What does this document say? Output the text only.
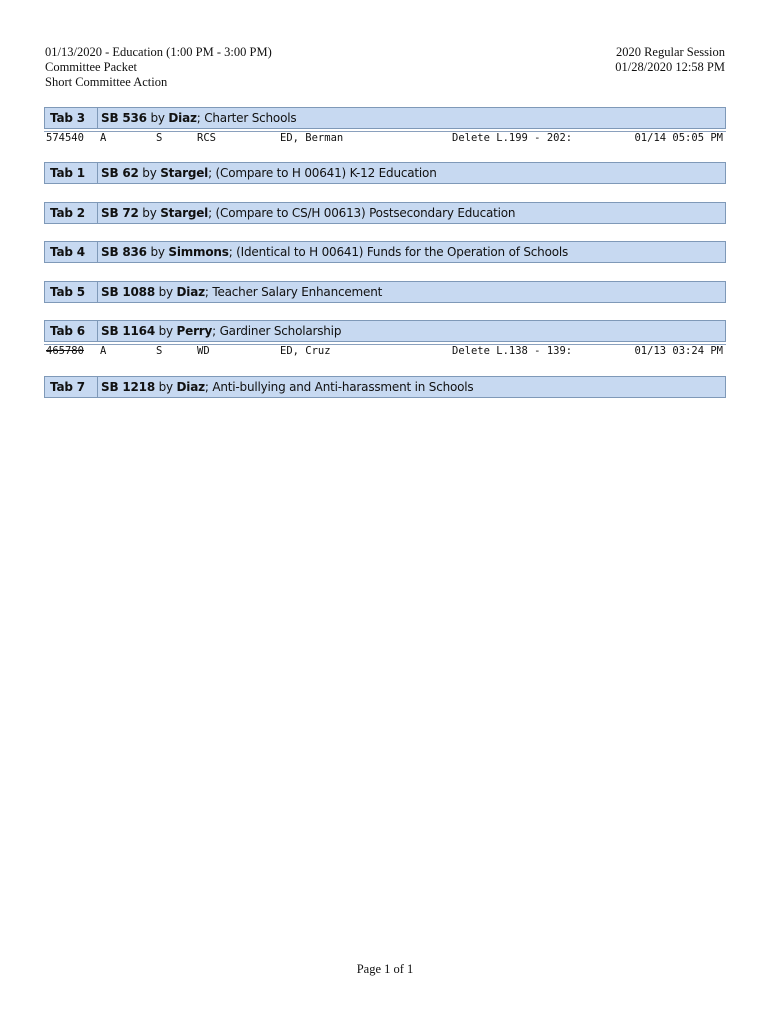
01/13/2020 - Education (1:00 PM - 3:00 PM)
Committee Packet
Short Committee Action
2020 Regular Session
01/28/2020 12:58 PM
Tab 3	SB 536 by Diaz ; Charter Schools
574540 A	S	RCS	ED, Berman	Delete L.199 - 202:	01/14 05:05 PM
Tab 1	SB 62 by Stargel ; (Compare to H 00641) K-12 Education
Tab 2	SB 72 by Stargel ; (Compare to CS/H 00613) Postsecondary Education
Tab 4	SB 836 by Simmons ; (Identical to H 00641) Funds for the Operation of Schools
Tab 5	SB 1088 by Diaz ; Teacher Salary Enhancement
Tab 6	SB 1164 by Perry ; Gardiner Scholarship
465780 A	S	WD	ED, Cruz	Delete L.138 - 139:	01/13 03:24 PM
Tab 7	SB 1218 by Diaz ; Anti-bullying and Anti-harassment in Schools
Page 1 of 1
